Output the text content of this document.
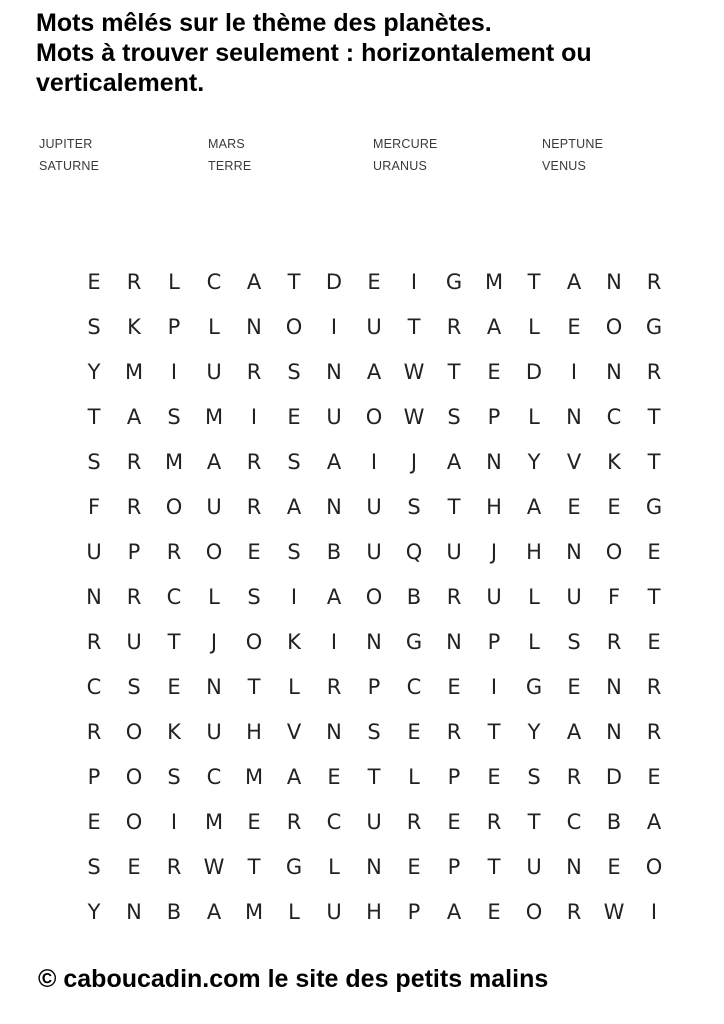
Mots mêlés sur le thème des planètes.
Mots à trouver seulement : horizontalement ou
verticalement.
JUPITER	MARS	MERCURE	NEPTUNE
SATURNE	TERRE	URANUS	VENUS
E	R	L	C	A	T	D	E	I	G	M	T	A	N	R
S	K	P	L	N	O	I	U	T	R	A	L	E	O	G
Y	M	I	U	R	S	N	A	W	T	E	D	I	N	R
T	A	S	M	I	E	U	O	W	S	P	L	N	C	T
S	R	M	A	R	S	A	I	J	A	N	Y	V	K	T
F	R	O	U	R	A	N	U	S	T	H	A	E	E	G
U	P	R	O	E	S	B	U	Q	U	J	H	N	O	E
N	R	C	L	S	I	A	O	B	R	U	L	U	F	T
R	U	T	J	O	K	I	N	G	N	P	L	S	R	E
C	S	E	N	T	L	R	P	C	E	I	G	E	N	R
R	O	K	U	H	V	N	S	E	R	T	Y	A	N	R
P	O	S	C	M	A	E	T	L	P	E	S	R	D	E
E	O	I	M	E	R	C	U	R	E	R	T	C	B	A
S	E	R	W	T	G	L	N	E	P	T	U	N	E	O
Y	N	B	A	M	L	U	H	P	A	E	O	R	W	I
© caboucadin.com le site des petits malins
